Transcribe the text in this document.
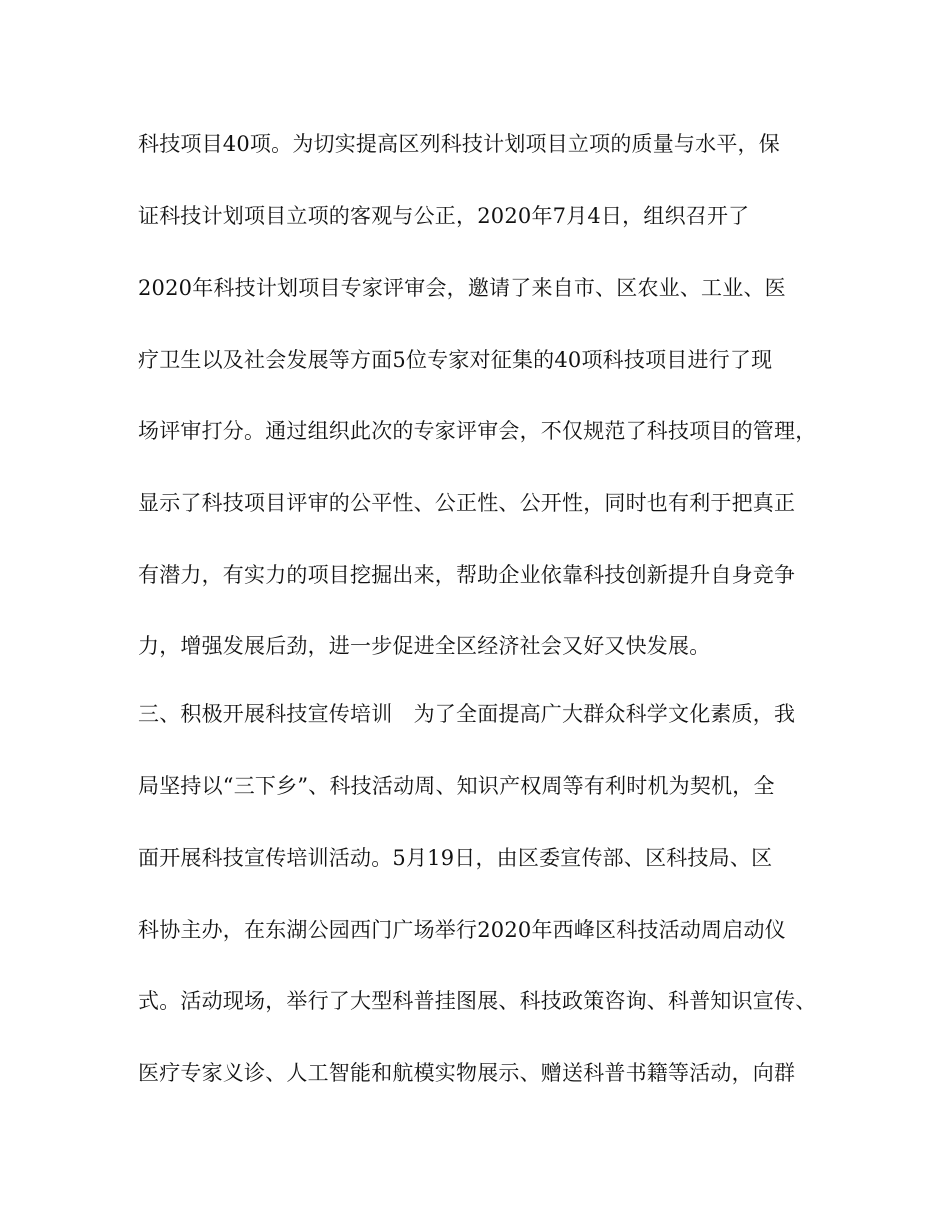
科技项目40项。为切实提高区列科技计划项目立项的质量与水平，保
证科技计划项目立项的客观与公正，2020年7月4日，组织召开了
2020年科技计划项目专家评审会，邀请了来自市、区农业、工业、医
疗卫生以及社会发展等方面5位专家对征集的40项科技项目进行了现
场评审打分。通过组织此次的专家评审会，不仅规范了科技项目的管理，
显示了科技项目评审的公平性、公正性、公开性，同时也有利于把真正
有潜力，有实力的项目挖掘出来，帮助企业依靠科技创新提升自身竞争
力，增强发展后劲，进一步促进全区经济社会又好又快发展。
三、积极开展科技宣传培训　为了全面提高广大群众科学文化素质，我
局坚持以“三下乡”、科技活动周、知识产权周等有利时机为契机，全
面开展科技宣传培训活动。5月19日，由区委宣传部、区科技局、区
科协主办，在东湖公园西门广场举行2020年西峰区科技活动周启动仪
式。活动现场，举行了大型科普挂图展、科技政策咨询、科普知识宣传、
医疗专家义诊、人工智能和航模实物展示、赠送科普书籍等活动，向群
